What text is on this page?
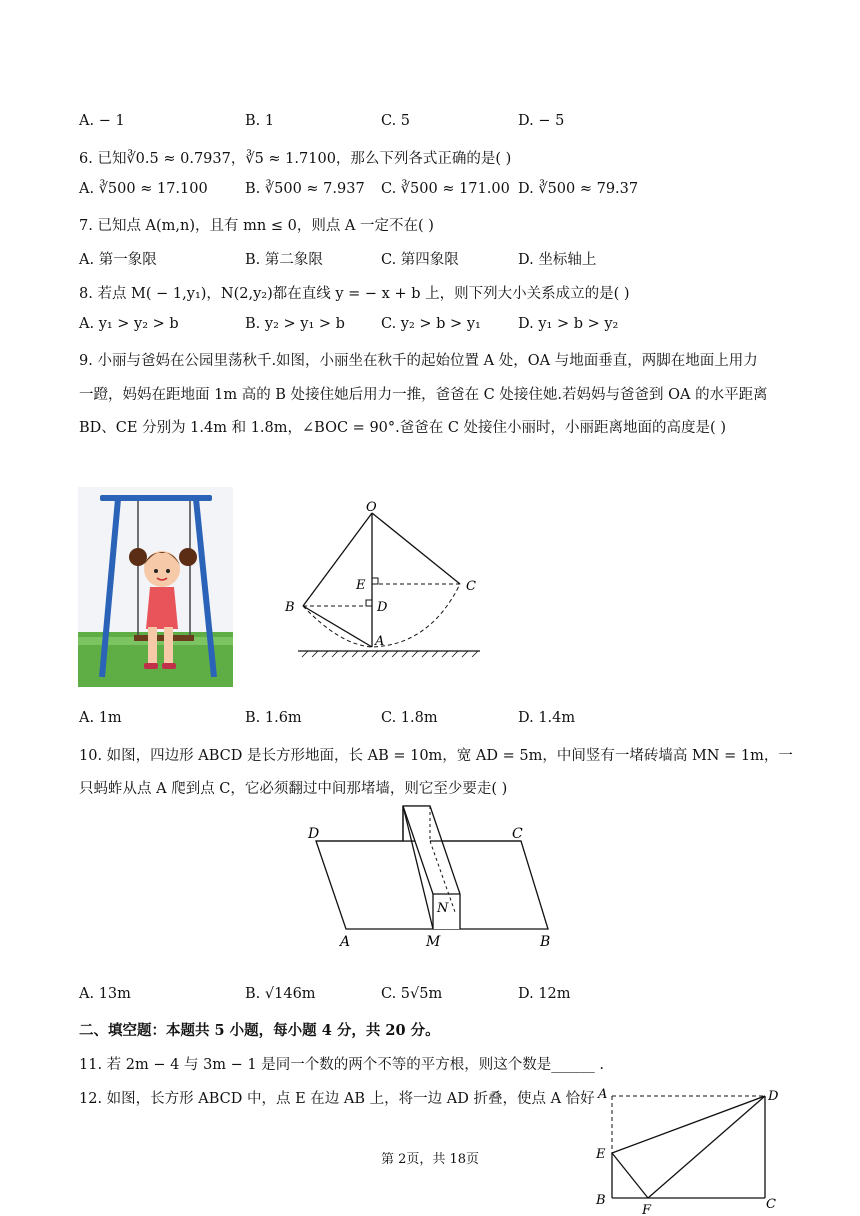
A. − 1	B. 1	C. 5	D. − 5
6. 已知∛0.5 ≈ 0.7937，∛5 ≈ 1.7100，那么下列各式正确的是( )
A. ∛500 ≈ 17.100	B. ∛500 ≈ 7.937 C. ∛500 ≈ 171.00 D. ∛500 ≈ 79.37
7. 已知点 A(m,n)，且有 mn ≤ 0，则点 A 一定不在( )
A. 第一象限	B. 第二象限	C. 第四象限	D. 坐标轴上
8. 若点 M( − 1,y₁)，N(2,y₂)都在直线 y = − x + b 上，则下列大小关系成立的是( )
A. y₁ > y₂ > b	B. y₂ > y₁ > b C. y₂ > b > y₁	D. y₁ > b > y₂
9. 小丽与爸妈在公园里荡秋千.如图，小丽坐在秋千的起始位置 A 处，OA 与地面垂直，两脚在地面上用力
一蹬，妈妈在距地面 1m 高的 B 处接住她后用力一推，爸爸在 C 处接住她.若妈妈与爸爸到 OA 的水平距离
BD、CE 分别为 1.4m 和 1.8m，∠BOC = 90°.爸爸在 C 处接住小丽时，小丽距离地面的高度是( )
O
E	C
B	D
A
A. 1m	B. 1.6m	C. 1.8m	D. 1.4m
10. 如图，四边形 ABCD 是长方形地面，长 AB = 10m，宽 AD = 5m，中间竖有一堵砖墙高 MN = 1m，一
只蚂蚱从点 A 爬到点 C，它必须翻过中间那堵墙，则它至少要走( )
D	C
N
A	M	B
A. 13m	B. √146m	C. 5√5m	D. 12m
二、填空题：本题共 5 小题，每小题 4 分，共 20 分。
11. 若 2m − 4 与 3m − 1 是同一个数的两个不等的平方根，则这个数是______ .
12. 如图，长方形 ABCD 中，点 E 在边 AB 上，将一边 AD 折叠，使点 A 恰好 A	D
E
B
F	C
第 2页，共 18页
